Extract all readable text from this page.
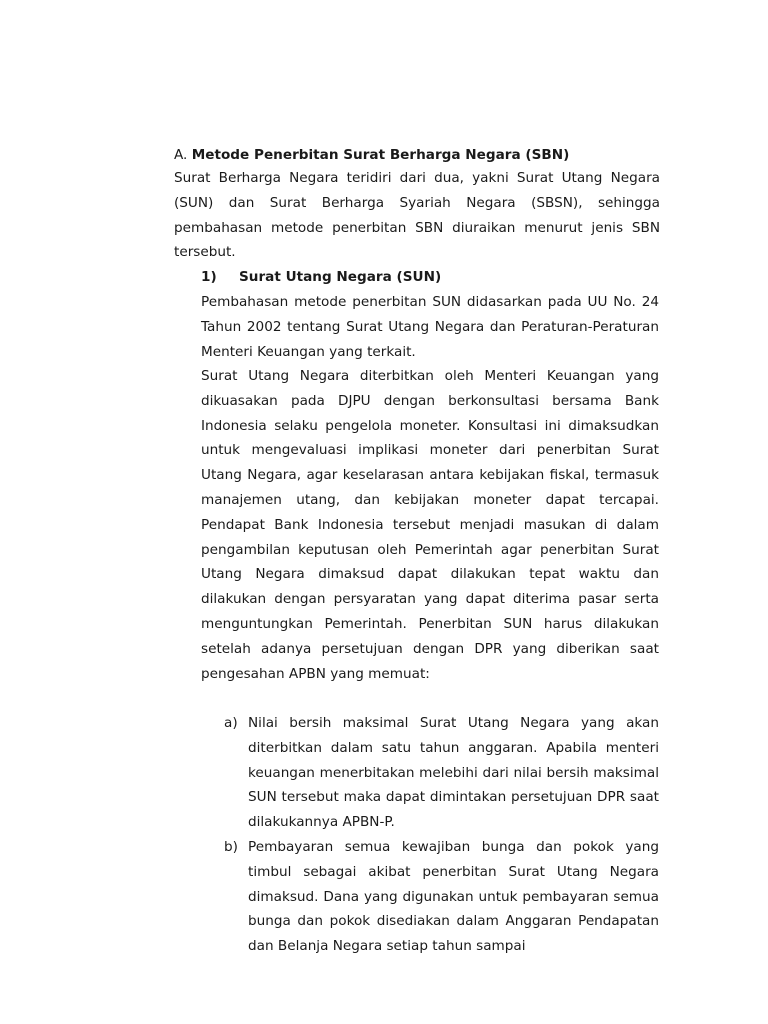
A. Metode Penerbitan Surat Berharga Negara (SBN)

Surat Berharga Negara teridiri dari dua, yakni Surat Utang Negara (SUN) dan Surat Berharga Syariah Negara (SBSN), sehingga pembahasan metode penerbitan SBN diuraikan menurut jenis SBN tersebut.

1) Surat Utang Negara (SUN)

Pembahasan metode penerbitan SUN didasarkan pada UU No. 24 Tahun 2002 tentang Surat Utang Negara dan Peraturan-Peraturan Menteri Keuangan yang terkait.

Surat Utang Negara diterbitkan oleh Menteri Keuangan yang dikuasakan pada DJPU dengan berkonsultasi bersama Bank Indonesia selaku pengelola moneter. Konsultasi ini dimaksudkan untuk mengevaluasi implikasi moneter dari penerbitan Surat Utang Negara, agar keselarasan antara kebijakan fiskal, termasuk manajemen utang, dan kebijakan moneter dapat tercapai. Pendapat Bank Indonesia tersebut menjadi masukan di dalam pengambilan keputusan oleh Pemerintah agar penerbitan Surat Utang Negara dimaksud dapat dilakukan tepat waktu dan dilakukan dengan persyaratan yang dapat diterima pasar serta menguntungkan Pemerintah. Penerbitan SUN harus dilakukan setelah adanya persetujuan dengan DPR yang diberikan saat pengesahan APBN yang memuat:

a) Nilai bersih maksimal Surat Utang Negara yang akan diterbitkan dalam satu tahun anggaran. Apabila menteri keuangan menerbitakan melebihi dari nilai bersih maksimal SUN tersebut maka dapat dimintakan persetujuan DPR saat dilakukannya APBN-P.
b) Pembayaran semua kewajiban bunga dan pokok yang timbul sebagai akibat penerbitan Surat Utang Negara dimaksud. Dana yang digunakan untuk pembayaran semua bunga dan pokok disediakan dalam Anggaran Pendapatan dan Belanja Negara setiap tahun sampai
